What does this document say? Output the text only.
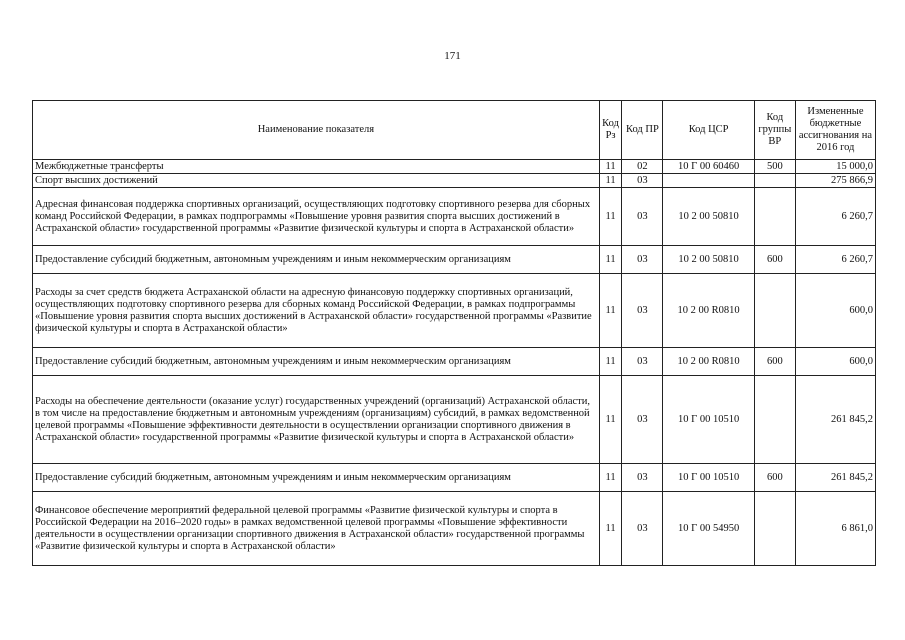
171
Наименование показателя	Код Рз	Код ПР	Код ЦСР	Код группы ВР	Измененные бюджетные ассигнования на 2016 год
Межбюджетные трансферты	11	02	10 Г 00 60460	500	15 000,0
Спорт высших достижений	11	03			275 866,9
Адресная финансовая поддержка спортивных организаций, осуществляющих подготовку спортивного резерва для сборных команд Российской Федерации, в рамках подпрограммы «Повышение уровня развития спорта высших достижений в Астраханской области» государственной программы «Развитие физической культуры и спорта в Астраханской области»	11	03	10 2 00 50810		6 260,7
Предоставление субсидий бюджетным, автономным учреждениям и иным некоммерческим организациям	11	03	10 2 00 50810	600	6 260,7
Расходы за счет средств бюджета Астраханской области на адресную финансовую поддержку спортивных организаций, осуществляющих подготовку спортивного резерва для сборных команд Российской Федерации, в рамках подпрограммы «Повышение уровня развития спорта высших достижений в Астраханской области» государственной программы «Развитие физической культуры и спорта в Астраханской области»	11	03	10 2 00 R0810		600,0
Предоставление субсидий бюджетным, автономным учреждениям и иным некоммерческим организациям	11	03	10 2 00 R0810	600	600,0
Расходы на обеспечение деятельности (оказание услуг) государственных учреждений (организаций) Астраханской области, в том числе на предоставление бюджетным и автономным учреждениям (организациям) субсидий, в рамках ведомственной целевой программы «Повышение эффективности деятельности в осуществлении организации спортивного движения в Астраханской области» государственной программы «Развитие физической культуры и спорта в Астраханской области»	11	03	10 Г 00 10510		261 845,2
Предоставление субсидий бюджетным, автономным учреждениям и иным некоммерческим организациям	11	03	10 Г 00 10510	600	261 845,2
Финансовое обеспечение мероприятий федеральной целевой программы «Развитие физической культуры и спорта в Российской Федерации на 2016–2020 годы» в рамках ведомственной целевой программы «Повышение эффективности деятельности в осуществлении организации спортивного движения в Астраханской области» государственной программы «Развитие физической культуры и спорта в Астраханской области»	11	03	10 Г 00 54950		6 861,0
